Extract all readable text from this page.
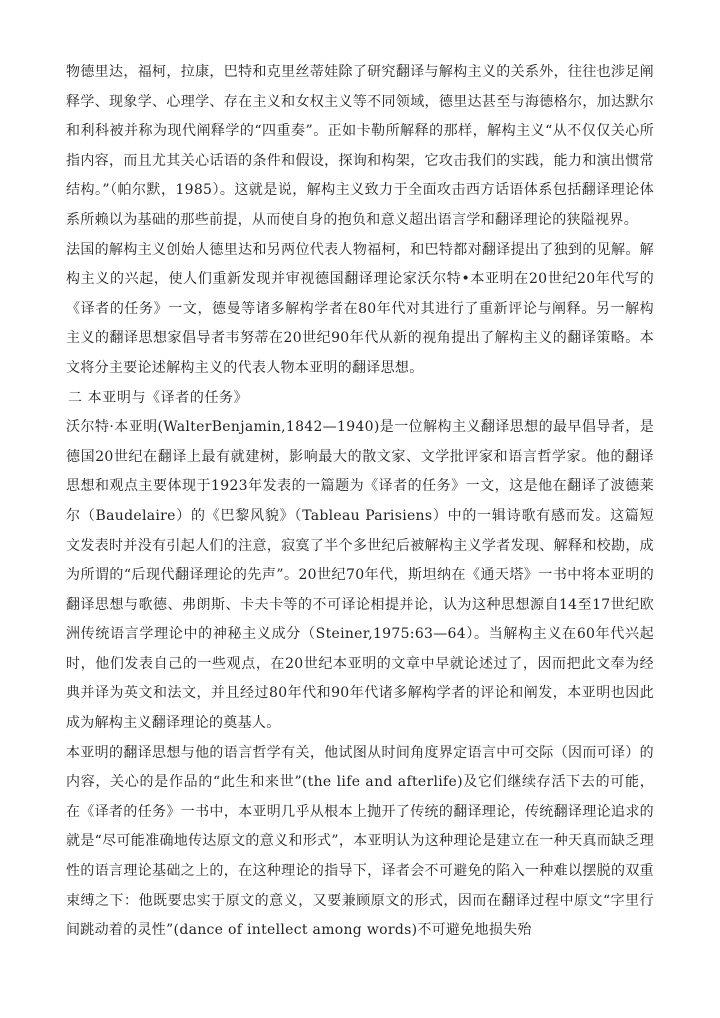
物德里达，福柯，拉康，巴特和克里丝蒂娃除了研究翻译与解构主义的关系外，往往也涉足阐释学、现象学、心理学、存在主义和女权主义等不同领域，德里达甚至与海德格尔，加达默尔和利科被并称为现代阐释学的“四重奏”。正如卡勒所解释的那样，解构主义“从不仅仅关心所指内容，而且尤其关心话语的条件和假设，探询和构架，它攻击我们的实践，能力和演出惯常结构。”（帕尔默，1985）。这就是说，解构主义致力于全面攻击西方话语体系包括翻译理论体系所赖以为基础的那些前提，从而使自身的抱负和意义超出语言学和翻译理论的狭隘视界。

法国的解构主义创始人德里达和另两位代表人物福柯，和巴特都对翻译提出了独到的见解。解构主义的兴起，使人们重新发现并审视德国翻译理论家沃尔特•本亚明在20世纪20年代写的《译者的任务》一文，德曼等诸多解构学者在80年代对其进行了重新评论与阐释。另一解构主义的翻译思想家倡导者韦努蒂在20世纪90年代从新的视角提出了解构主义的翻译策略。本文将分主要论述解构主义的代表人物本亚明的翻译思想。

二 本亚明与《译者的任务》

沃尔特·本亚明(WalterBenjamin,1842—1940)是一位解构主义翻译思想的最早倡导者，是德国20世纪在翻译上最有就建树，影响最大的散文家、文学批评家和语言哲学家。他的翻译思想和观点主要体现于1923年发表的一篇题为《译者的任务》一文，这是他在翻译了波德莱尔（Baudelaire）的《巴黎风貌》（Tableau Parisiens）中的一辑诗歌有感而发。这篇短文发表时并没有引起人们的注意，寂寞了半个多世纪后被解构主义学者发现、解释和校勘，成为所谓的“后现代翻译理论的先声”。20世纪70年代，斯坦纳在《通天塔》一书中将本亚明的翻译思想与歌德、弗朗斯、卡夫卡等的不可译论相提并论，认为这种思想源自14至17世纪欧洲传统语言学理论中的神秘主义成分（Steiner,1975:63—64）。当解构主义在60年代兴起时，他们发表自己的一些观点，在20世纪本亚明的文章中早就论述过了，因而把此文奉为经典并译为英文和法文，并且经过80年代和90年代诸多解构学者的评论和阐发，本亚明也因此成为解构主义翻译理论的奠基人。

本亚明的翻译思想与他的语言哲学有关，他试图从时间角度界定语言中可交际（因而可译）的内容，关心的是作品的“此生和来世”(the life and afterlife)及它们继续存活下去的可能，在《译者的任务》一书中，本亚明几乎从根本上抛开了传统的翻译理论，传统翻译理论追求的就是“尽可能准确地传达原文的意义和形式”，本亚明认为这种理论是建立在一种天真而缺乏理性的语言理论基础之上的，在这种理论的指导下，译者会不可避免的陷入一种难以摆脱的双重束缚之下：他既要忠实于原文的意义，又要兼顾原文的形式，因而在翻译过程中原文“字里行间跳动着的灵性”(dance of intellect among words)不可避免地损失殆
